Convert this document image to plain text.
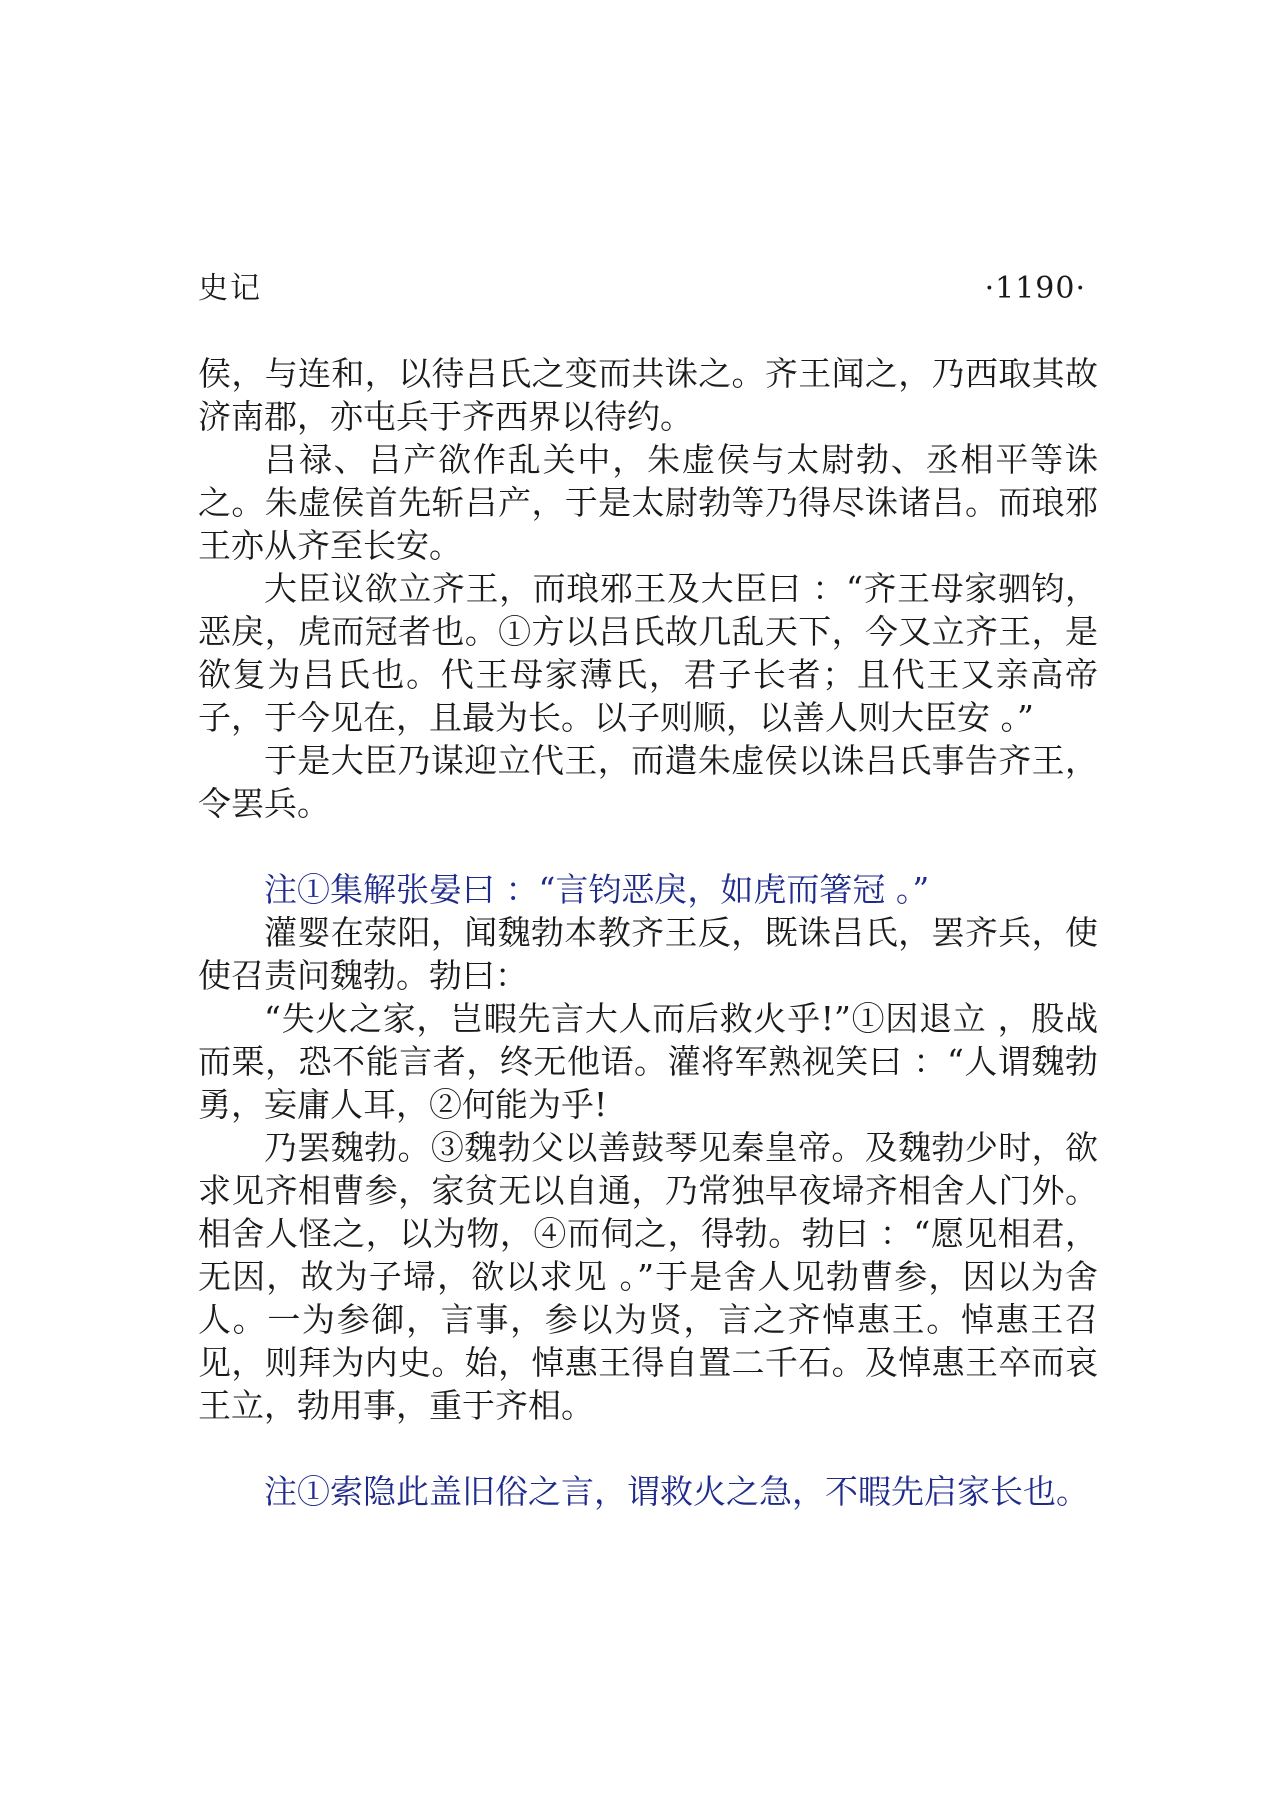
史记	·1190·

侯，与连和，以待吕氏之变而共诛之。齐王闻之，乃西取其故济南郡，亦屯兵于齐西界以待约。

吕禄、吕产欲作乱关中，朱虚侯与太尉勃、丞相平等诛之。朱虚侯首先斩吕产，于是太尉勃等乃得尽诛诸吕。而琅邪王亦从齐至长安。

大臣议欲立齐王，而琅邪王及大臣曰 ：“齐王母家驷钧，恶戾，虎而冠者也。①方以吕氏故几乱天下，今又立齐王，是欲复为吕氏也。代王母家薄氏，君子长者；且代王又亲高帝子，于今见在，且最为长。以子则顺，以善人则大臣安 。”

于是大臣乃谋迎立代王，而遣朱虚侯以诛吕氏事告齐王，令罢兵。

注①集解张晏曰 ：“言钧恶戾，如虎而箸冠 。”

灌婴在荥阳，闻魏勃本教齐王反，既诛吕氏，罢齐兵，使使召责问魏勃。勃曰：

“失火之家，岂暇先言大人而后救火乎!”①因退立 ，股战而栗，恐不能言者，终无他语。灌将军熟视笑曰 ：“人谓魏勃勇，妄庸人耳，②何能为乎!

乃罢魏勃。③魏勃父以善鼓琴见秦皇帝。及魏勃少时，欲求见齐相曹参，家贫无以自通，乃常独早夜埽齐相舍人门外。相舍人怪之，以为物，④而伺之，得勃。勃曰 ：“愿见相君，无因，故为子埽，欲以求见 。”于是舍人见勃曹参，因以为舍人。一为参御，言事，参以为贤，言之齐悼惠王。悼惠王召见，则拜为内史。始，悼惠王得自置二千石。及悼惠王卒而哀王立，勃用事，重于齐相。

注①索隐此盖旧俗之言，谓救火之急，不暇先启家长也。
